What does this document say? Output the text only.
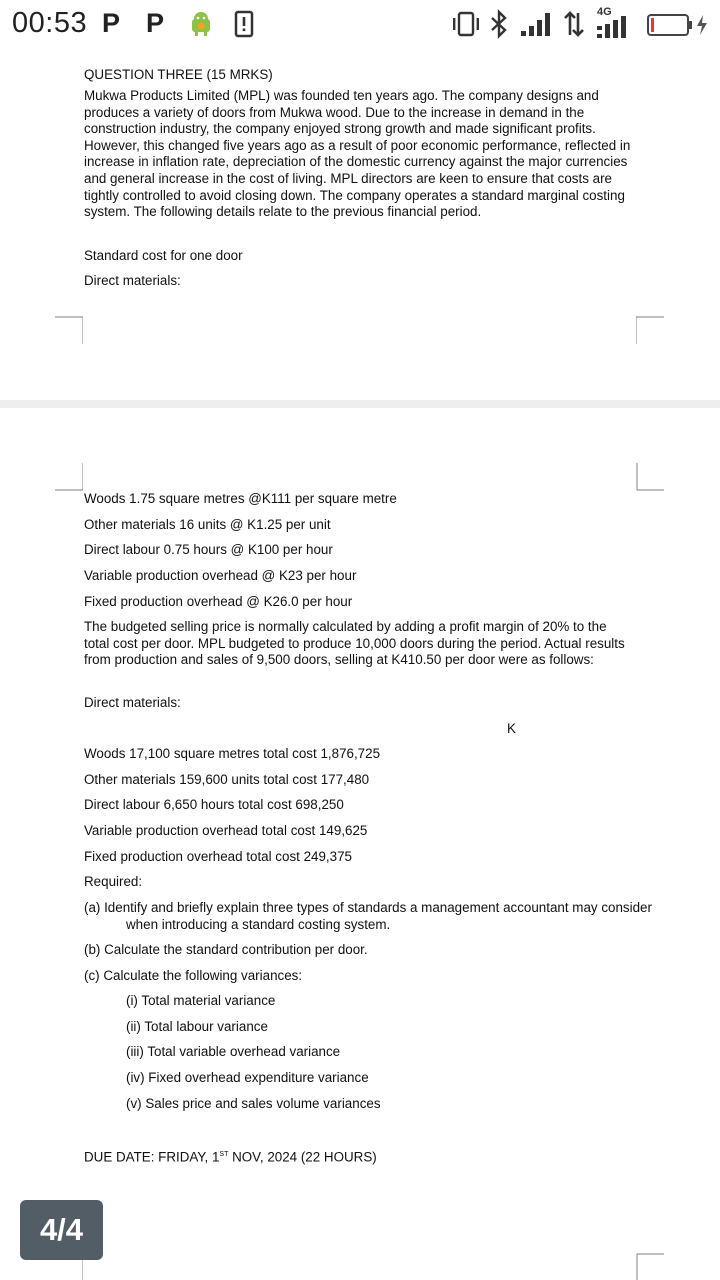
00:53 P P	4G
QUESTION THREE (15 MRKS)
Mukwa Products Limited (MPL) was founded ten years ago. The company designs and produces a variety of doors from Mukwa wood. Due to the increase in demand in the construction industry, the company enjoyed strong growth and made significant profits. However, this changed five years ago as a result of poor economic performance, reflected in increase in inflation rate, depreciation of the domestic currency against the major currencies and general increase in the cost of living. MPL directors are keen to ensure that costs are tightly controlled to avoid closing down. The company operates a standard marginal costing system. The following details relate to the previous financial period.
Standard cost for one door
Direct materials:
Woods 1.75 square metres @K111 per square metre
Other materials 16 units @ K1.25 per unit
Direct labour 0.75 hours @ K100 per hour
Variable production overhead @ K23 per hour
Fixed production overhead @ K26.0 per hour
The budgeted selling price is normally calculated by adding a profit margin of 20% to the total cost per door. MPL budgeted to produce 10,000 doors during the period. Actual results from production and sales of 9,500 doors, selling at K410.50 per door were as follows:
Direct materials:
K
Woods 17,100 square metres total cost 1,876,725
Other materials 159,600 units total cost 177,480
Direct labour 6,650 hours total cost 698,250
Variable production overhead total cost 149,625
Fixed production overhead total cost 249,375
Required:
(a) Identify and briefly explain three types of standards a management accountant may consider when introducing a standard costing system.
(b) Calculate the standard contribution per door.
(c) Calculate the following variances:
(i) Total material variance
(ii) Total labour variance
(iii) Total variable overhead variance
(iv) Fixed overhead expenditure variance
(v) Sales price and sales volume variances
DUE DATE: FRIDAY, 1ST NOV, 2024 (22 HOURS)
4/4
